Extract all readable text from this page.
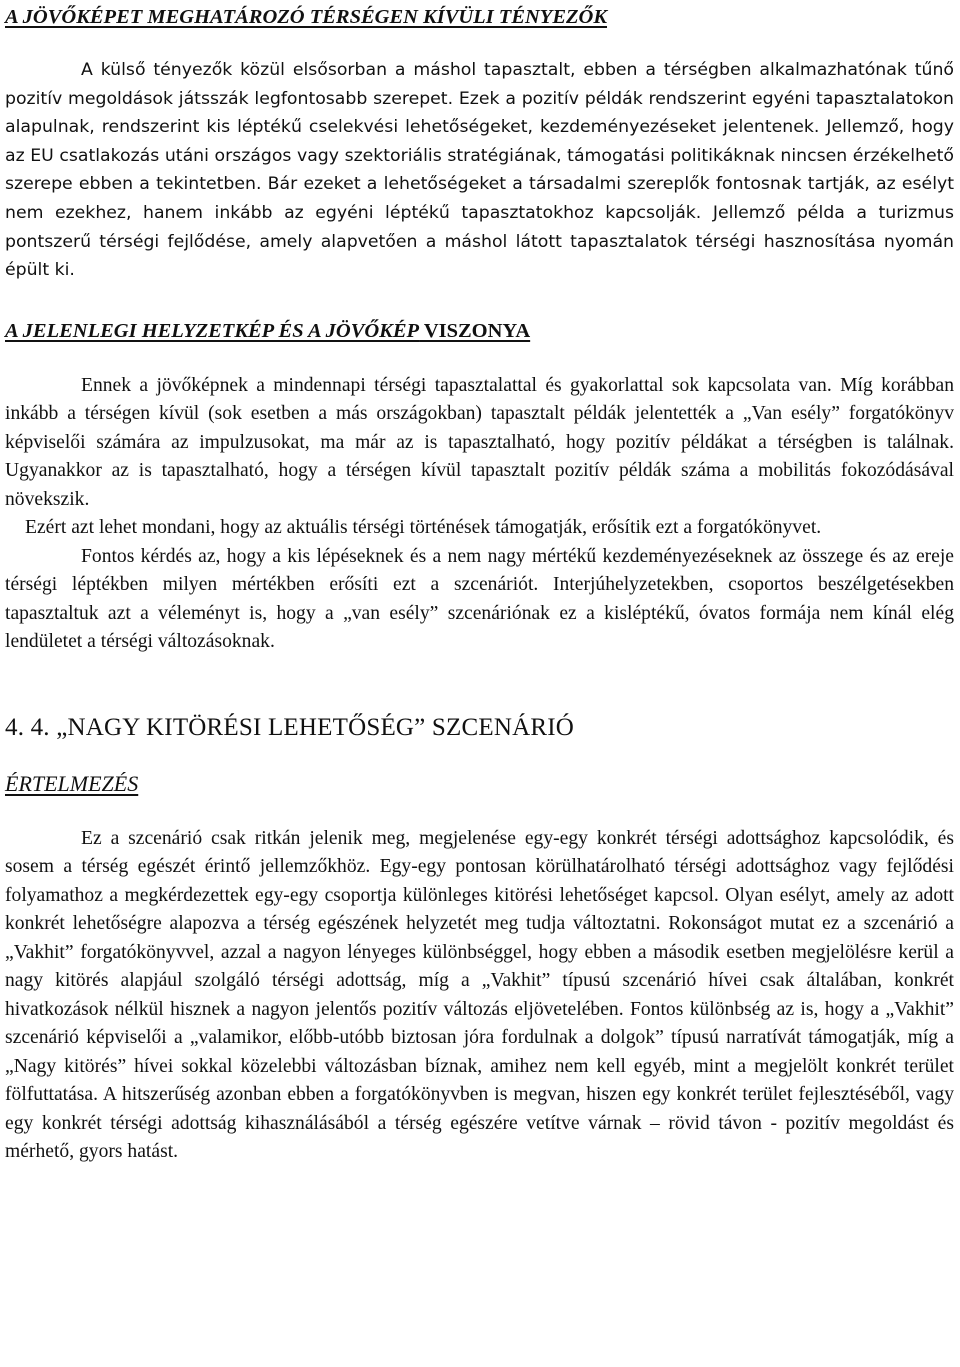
A JÖVŐKÉPET MEGHATÁROZÓ TÉRSÉGEN KÍVÜLI TÉNYEZŐK

A külső tényezők közül elsősorban a máshol tapasztalt, ebben a térségben alkalmazhatónak tűnő pozitív megoldások játsszák legfontosabb szerepet. Ezek a pozitív példák rendszerint egyéni tapasztalatokon alapulnak, rendszerint kis léptékű cselekvési lehetőségeket, kezdeményezéseket jelentenek. Jellemző, hogy az EU csatlakozás utáni országos vagy szektoriális stratégiának, támogatási politikáknak nincsen érzékelhető szerepe ebben a tekintetben. Bár ezeket a lehetőségeket a társadalmi szereplők fontosnak tartják, az esélyt nem ezekhez, hanem inkább az egyéni léptékű tapasztatokhoz kapcsolják. Jellemző példa a turizmus pontszerű térségi fejlődése, amely alapvetően a máshol látott tapasztalatok térségi hasznosítása nyomán épült ki.

A JELENLEGI HELYZETKÉP ÉS A JÖVŐKÉP VISZONYA

Ennek a jövőképnek a mindennapi térségi tapasztalattal és gyakorlattal sok kapcsolata van. Míg korábban inkább a térségen kívül (sok esetben a más országokban) tapasztalt példák jelentették a „Van esély” forgatókönyv képviselői számára az impulzusokat, ma már az is tapasztalható, hogy pozitív példákat a térségben is találnak. Ugyanakkor az is tapasztalható, hogy a térségen kívül tapasztalt pozitív példák száma a mobilitás fokozódásával növekszik.

Ezért azt lehet mondani, hogy az aktuális térségi történések támogatják, erősítik ezt a forgatókönyvet.

Fontos kérdés az, hogy a kis lépéseknek és a nem nagy mértékű kezdeményezéseknek az összege és az ereje térségi léptékben milyen mértékben erősíti ezt a szcenáriót. Interjúhelyzetekben, csoportos beszélgetésekben tapasztaltuk azt a véleményt is, hogy a „van esély” szcenáriónak ez a kisléptékű, óvatos formája nem kínál elég lendületet a térségi változásoknak.

4. 4. „NAGY KITÖRÉSI LEHETŐSÉG” SZCENÁRIÓ
ÉRTELMEZÉS

Ez a szcenárió csak ritkán jelenik meg, megjelenése egy-egy konkrét térségi adottsághoz kapcsolódik, és sosem a térség egészét érintő jellemzőkhöz. Egy-egy pontosan körülhatárolható térségi adottsághoz vagy fejlődési folyamathoz a megkérdezettek egy-egy csoportja különleges kitörési lehetőséget kapcsol. Olyan esélyt, amely az adott konkrét lehetőségre alapozva a térség egészének helyzetét meg tudja változtatni. Rokonságot mutat ez a szcenárió a „Vakhit” forgatókönyvvel, azzal a nagyon lényeges különbséggel, hogy ebben a második esetben megjelölésre kerül a nagy kitörés alapjául szolgáló térségi adottság, míg a „Vakhit” típusú szcenárió hívei csak általában, konkrét hivatkozások nélkül hisznek a nagyon jelentős pozitív változás eljövetelében. Fontos különbség az is, hogy a „Vakhit” szcenárió képviselői a „valamikor, előbb-utóbb biztosan jóra fordulnak a dolgok” típusú narratívát támogatják, míg a „Nagy kitörés” hívei sokkal közelebbi változásban bíznak, amihez nem kell egyéb, mint a megjelölt konkrét terület fölfuttatása. A hitszerűség azonban ebben a forgatókönyvben is megvan, hiszen egy konkrét terület fejlesztéséből, vagy egy konkrét térségi adottság kihasználásából a térség egészére vetítve várnak – rövid távon - pozitív megoldást és mérhető, gyors hatást.
